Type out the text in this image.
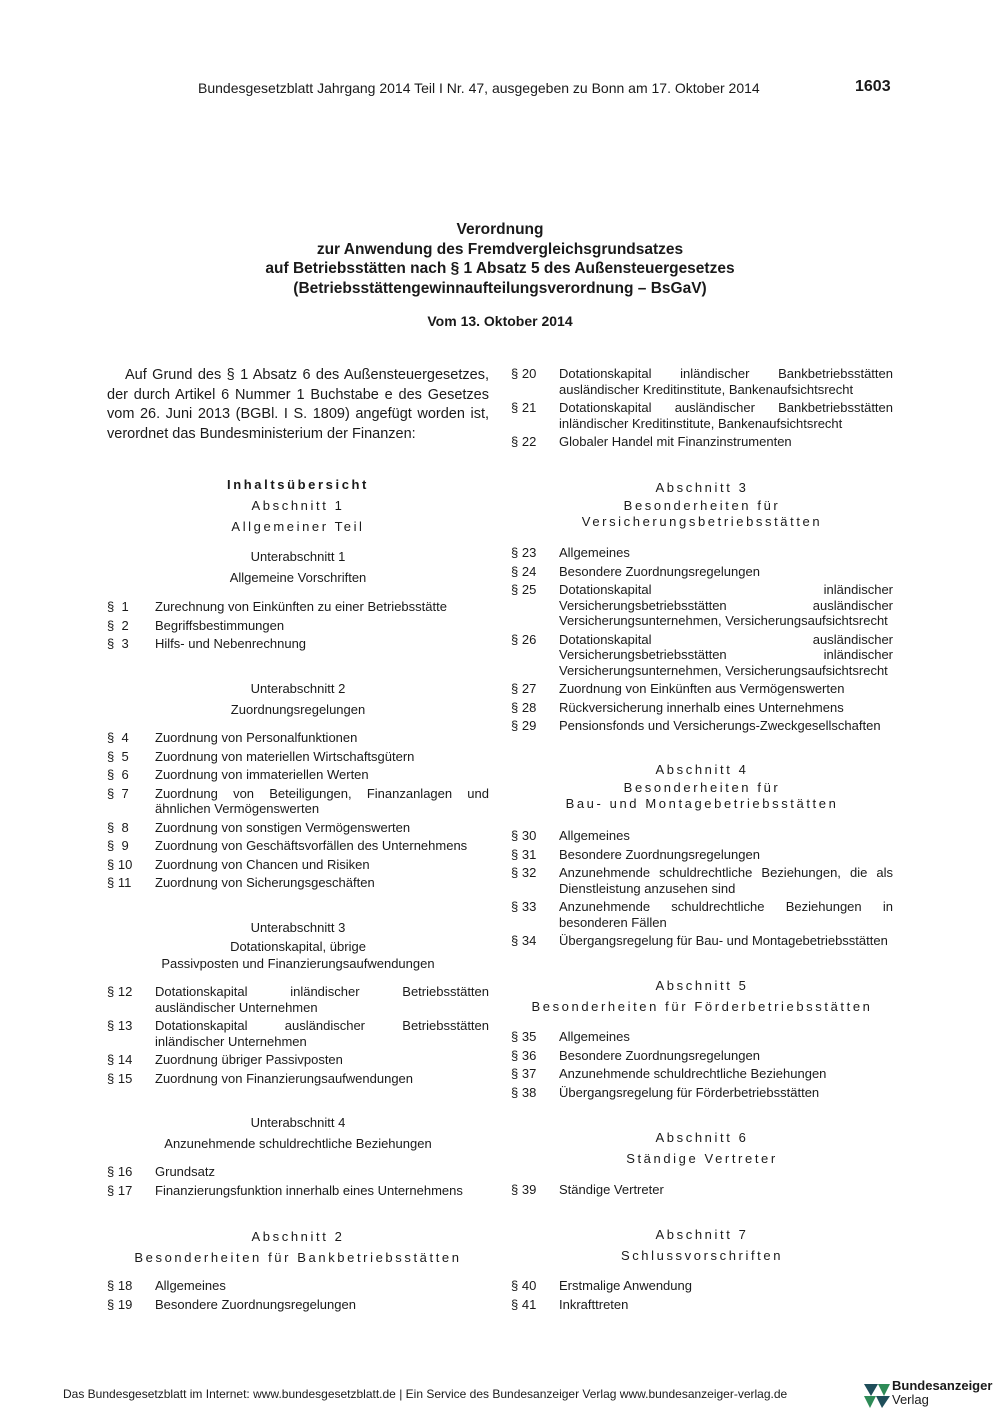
Bundesgesetzblatt Jahrgang 2014 Teil I Nr. 47, ausgegeben zu Bonn am 17. Oktober 2014	1603
Verordnung
zur Anwendung des Fremdvergleichsgrundsatzes
auf Betriebsstätten nach § 1 Absatz 5 des Außensteuergesetzes
(Betriebsstättengewinnaufteilungsverordnung – BsGaV)
Vom 13. Oktober 2014
Auf Grund des § 1 Absatz 6 des Außensteuergesetzes, der durch Artikel 6 Nummer 1 Buchstabe e des Gesetzes vom 26. Juni 2013 (BGBl. I S. 1809) angefügt worden ist, verordnet das Bundesministerium der Finanzen:
Inhaltsübersicht
Abschnitt 1
Allgemeiner Teil
Unterabschnitt 1
Allgemeine Vorschriften
§  1	Zurechnung von Einkünften zu einer Betriebsstätte
§  2	Begriffsbestimmungen
§  3	Hilfs- und Nebenrechnung
Unterabschnitt 2
Zuordnungsregelungen
§  4	Zuordnung von Personalfunktionen
§  5	Zuordnung von materiellen Wirtschaftsgütern
§  6	Zuordnung von immateriellen Werten
§  7	Zuordnung von Beteiligungen, Finanzanlagen und ähnlichen Vermögenswerten
§  8	Zuordnung von sonstigen Vermögenswerten
§  9	Zuordnung von Geschäftsvorfällen des Unternehmens
§ 10	Zuordnung von Chancen und Risiken
§ 11	Zuordnung von Sicherungsgeschäften
Unterabschnitt 3
Dotationskapital, übrige
Passivposten und Finanzierungsaufwendungen
§ 12	Dotationskapital inländischer Betriebsstätten ausländischer Unternehmen
§ 13	Dotationskapital ausländischer Betriebsstätten inländischer Unternehmen
§ 14	Zuordnung übriger Passivposten
§ 15	Zuordnung von Finanzierungsaufwendungen
Unterabschnitt 4
Anzunehmende schuldrechtliche Beziehungen
§ 16	Grundsatz
§ 17	Finanzierungsfunktion innerhalb eines Unternehmens
Abschnitt 2
Besonderheiten für Bankbetriebsstätten
§ 18	Allgemeines
§ 19	Besondere Zuordnungsregelungen
§ 20	Dotationskapital inländischer Bankbetriebsstätten ausländischer Kreditinstitute, Bankenaufsichtsrecht
§ 21	Dotationskapital ausländischer Bankbetriebsstätten inländischer Kreditinstitute, Bankenaufsichtsrecht
§ 22	Globaler Handel mit Finanzinstrumenten
Abschnitt 3
Besonderheiten für
Versicherungsbetriebsstätten
§ 23	Allgemeines
§ 24	Besondere Zuordnungsregelungen
§ 25	Dotationskapital inländischer Versicherungsbetriebsstätten ausländischer Versicherungsunternehmen, Versicherungsaufsichtsrecht
§ 26	Dotationskapital ausländischer Versicherungsbetriebsstätten inländischer Versicherungsunternehmen, Versicherungsaufsichtsrecht
§ 27	Zuordnung von Einkünften aus Vermögenswerten
§ 28	Rückversicherung innerhalb eines Unternehmens
§ 29	Pensionsfonds und Versicherungs-Zweckgesellschaften
Abschnitt 4
Besonderheiten für
Bau- und Montagebetriebsstätten
§ 30	Allgemeines
§ 31	Besondere Zuordnungsregelungen
§ 32	Anzunehmende schuldrechtliche Beziehungen, die als Dienstleistung anzusehen sind
§ 33	Anzunehmende schuldrechtliche Beziehungen in besonderen Fällen
§ 34	Übergangsregelung für Bau- und Montagebetriebsstätten
Abschnitt 5
Besonderheiten für Förderbetriebsstätten
§ 35	Allgemeines
§ 36	Besondere Zuordnungsregelungen
§ 37	Anzunehmende schuldrechtliche Beziehungen
§ 38	Übergangsregelung für Förderbetriebsstätten
Abschnitt 6
Ständige Vertreter
§ 39	Ständige Vertreter
Abschnitt 7
Schlussvorschriften
§ 40	Erstmalige Anwendung
§ 41	Inkrafttreten
Das Bundesgesetzblatt im Internet: www.bundesgesetzblatt.de | Ein Service des Bundesanzeiger Verlag www.bundesanzeiger-verlag.de
Bundesanzeiger
Verlag
